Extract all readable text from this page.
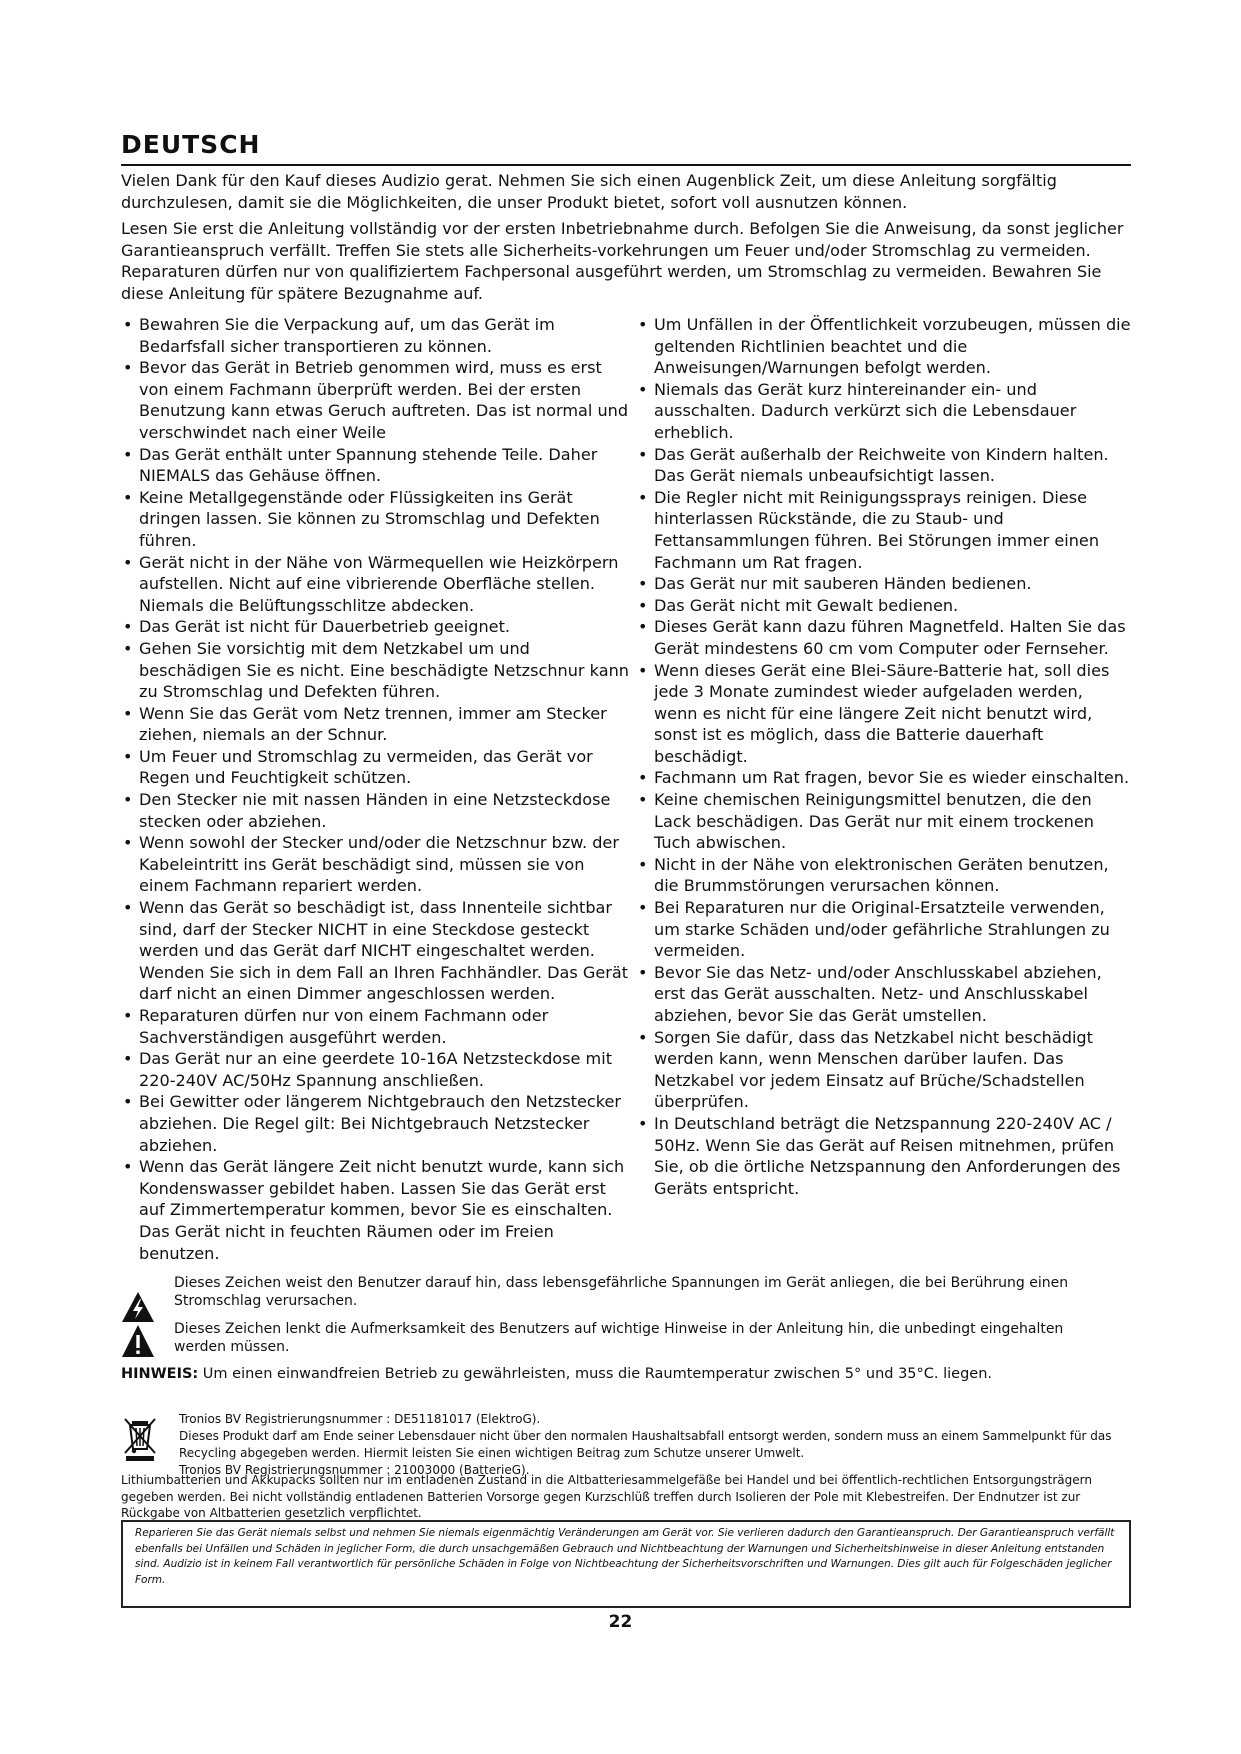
DEUTSCH

Vielen Dank für den Kauf dieses Audizio gerat. Nehmen Sie sich einen Augenblick Zeit, um diese Anleitung sorgfältig durchzulesen, damit sie die Möglichkeiten, die unser Produkt bietet, sofort voll ausnutzen können.

Lesen Sie erst die Anleitung vollständig vor der ersten Inbetriebnahme durch. Befolgen Sie die Anweisung, da sonst jeglicher Garantieanspruch verfällt. Treffen Sie stets alle Sicherheits-vorkehrungen um Feuer und/oder Stromschlag zu vermeiden. Reparaturen dürfen nur von qualifiziertem Fachpersonal ausgeführt werden, um Stromschlag zu vermeiden. Bewahren Sie diese Anleitung für spätere Bezugnahme auf.

• Bewahren Sie die Verpackung auf, um das Gerät im Bedarfsfall sicher transportieren zu können.
• Bevor das Gerät in Betrieb genommen wird, muss es erst von einem Fachmann überprüft werden. Bei der ersten Benutzung kann etwas Geruch auftreten. Das ist normal und verschwindet nach einer Weile
• Das Gerät enthält unter Spannung stehende Teile. Daher NIEMALS das Gehäuse öffnen.
• Keine Metallgegenstände oder Flüssigkeiten ins Gerät dringen lassen. Sie können zu Stromschlag und Defekten führen.
• Gerät nicht in der Nähe von Wärmequellen wie Heizkörpern aufstellen. Nicht auf eine vibrierende Oberfläche stellen. Niemals die Belüftungsschlitze abdecken.
• Das Gerät ist nicht für Dauerbetrieb geeignet.
• Gehen Sie vorsichtig mit dem Netzkabel um und beschädigen Sie es nicht. Eine beschädigte Netzschnur kann zu Stromschlag und Defekten führen.
• Wenn Sie das Gerät vom Netz trennen, immer am Stecker ziehen, niemals an der Schnur.
• Um Feuer und Stromschlag zu vermeiden, das Gerät vor Regen und Feuchtigkeit schützen.
• Den Stecker nie mit nassen Händen in eine Netzsteckdose stecken oder abziehen.
• Wenn sowohl der Stecker und/oder die Netzschnur bzw. der Kabeleintritt ins Gerät beschädigt sind, müssen sie von einem Fachmann repariert werden.
• Wenn das Gerät so beschädigt ist, dass Innenteile sichtbar sind, darf der Stecker NICHT in eine Steckdose gesteckt werden und das Gerät darf NICHT eingeschaltet werden. Wenden Sie sich in dem Fall an Ihren Fachhändler. Das Gerät darf nicht an einen Dimmer angeschlossen werden.
• Reparaturen dürfen nur von einem Fachmann oder Sachverständigen ausgeführt werden.
• Das Gerät nur an eine geerdete 10-16A Netzsteckdose mit 220-240V AC/50Hz Spannung anschließen.
• Bei Gewitter oder längerem Nichtgebrauch den Netzstecker abziehen. Die Regel gilt: Bei Nichtgebrauch Netzstecker abziehen.
• Wenn das Gerät längere Zeit nicht benutzt wurde, kann sich Kondenswasser gebildet haben. Lassen Sie das Gerät erst auf Zimmertemperatur kommen, bevor Sie es einschalten. Das Gerät nicht in feuchten Räumen oder im Freien benutzen.
• Um Unfällen in der Öffentlichkeit vorzubeugen, müssen die geltenden Richtlinien beachtet und die Anweisungen/Warnungen befolgt werden.
• Niemals das Gerät kurz hintereinander ein- und ausschalten. Dadurch verkürzt sich die Lebensdauer erheblich.
• Das Gerät außerhalb der Reichweite von Kindern halten. Das Gerät niemals unbeaufsichtigt lassen.
• Die Regler nicht mit Reinigungssprays reinigen. Diese hinterlassen Rückstände, die zu Staub- und Fettansammlungen führen. Bei Störungen immer einen Fachmann um Rat fragen.
• Das Gerät nur mit sauberen Händen bedienen.
• Das Gerät nicht mit Gewalt bedienen.
• Dieses Gerät kann dazu führen Magnetfeld. Halten Sie das Gerät mindestens 60 cm vom Computer oder Fernseher.
• Wenn dieses Gerät eine Blei-Säure-Batterie hat, soll dies jede 3 Monate zumindest wieder aufgeladen werden, wenn es nicht für eine längere Zeit nicht benutzt wird, sonst ist es möglich, dass die Batterie dauerhaft beschädigt.
• Fachmann um Rat fragen, bevor Sie es wieder einschalten.
• Keine chemischen Reinigungsmittel benutzen, die den Lack beschädigen. Das Gerät nur mit einem trockenen Tuch abwischen.
• Nicht in der Nähe von elektronischen Geräten benutzen, die Brummstörungen verursachen können.
• Bei Reparaturen nur die Original-Ersatzteile verwenden, um starke Schäden und/oder gefährliche Strahlungen zu vermeiden.
• Bevor Sie das Netz- und/oder Anschlusskabel abziehen, erst das Gerät ausschalten. Netz- und Anschlusskabel abziehen, bevor Sie das Gerät umstellen.
• Sorgen Sie dafür, dass das Netzkabel nicht beschädigt werden kann, wenn Menschen darüber laufen. Das Netzkabel vor jedem Einsatz auf Brüche/Schadstellen überprüfen.
• In Deutschland beträgt die Netzspannung 220-240V AC / 50Hz. Wenn Sie das Gerät auf Reisen mitnehmen, prüfen Sie, ob die örtliche Netzspannung den Anforderungen des Geräts entspricht.

Dieses Zeichen weist den Benutzer darauf hin, dass lebensgefährliche Spannungen im Gerät anliegen, die bei Berührung einen Stromschlag verursachen.

Dieses Zeichen lenkt die Aufmerksamkeit des Benutzers auf wichtige Hinweise in der Anleitung hin, die unbedingt eingehalten werden müssen.

HINWEIS: Um einen einwandfreien Betrieb zu gewährleisten, muss die Raumtemperatur zwischen 5° und 35°C. liegen.

Tronios BV Registrierungsnummer : DE51181017 (ElektroG).
Dieses Produkt darf am Ende seiner Lebensdauer nicht über den normalen Haushaltsabfall entsorgt werden, sondern muss an einem Sammelpunkt für das Recycling abgegeben werden. Hiermit leisten Sie einen wichtigen Beitrag zum Schutze unserer Umwelt.
Tronios BV Registrierungsnummer : 21003000 (BatterieG).

Lithiumbatterien und Akkupacks sollten nur im entladenen Zustand in die Altbatteriesammelgefäße bei Handel und bei öffentlich-rechtlichen Entsorgungsträgern gegeben werden. Bei nicht vollständig entladenen Batterien Vorsorge gegen Kurzschlüß treffen durch Isolieren der Pole mit Klebestreifen. Der Endnutzer ist zur Rückgabe von Altbatterien gesetzlich verpflichtet.

Reparieren Sie das Gerät niemals selbst und nehmen Sie niemals eigenmächtig Veränderungen am Gerät vor. Sie verlieren dadurch den Garantieanspruch. Der Garantieanspruch verfällt ebenfalls bei Unfällen und Schäden in jeglicher Form, die durch unsachgemäßen Gebrauch und Nichtbeachtung der Warnungen und Sicherheitshinweise in dieser Anleitung entstanden sind. Audizio ist in keinem Fall verantwortlich für persönliche Schäden in Folge von Nichtbeachtung der Sicherheitsvorschriften und Warnungen. Dies gilt auch für Folgeschäden jeglicher Form.

22
